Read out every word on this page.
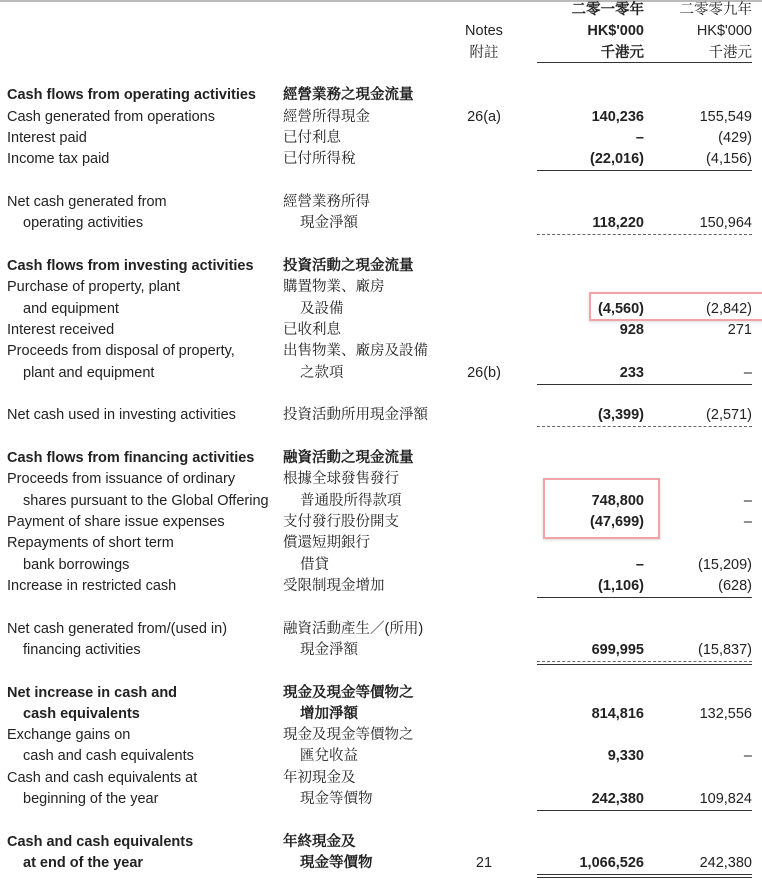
二零一零年	二零零九年
Notes	HK$'000	HK$'000
附註	千港元	千港元
Cash flows from operating activities 經營業務之現金流量
Cash generated from operations	經營所得現金	26(a)	140,236	155,549
Interest paid	已付利息	–	(429)
Income tax paid	已付所得稅	(22,016)	(4,156)
Net cash generated from	經營業務所得
operating activities	現金淨額	118,220	150,964
Cash flows from investing activities 投資活動之現金流量
Purchase of property, plant	購置物業、廠房
and equipment	及設備	(4,560)	(2,842)
Interest received	已收利息	928	271
Proceeds from disposal of property,	出售物業、廠房及設備
plant and equipment	之款項	26(b)	233	–
Net cash used in investing activities	投資活動所用現金淨額	(3,399)	(2,571)
Cash flows from financing activities 融資活動之現金流量
Proceeds from issuance of ordinary	根據全球發售發行
shares pursuant to the Global Offering 普通股所得款項	748,800	–
Payment of share issue expenses	支付發行股份開支	(47,699)	–
Repayments of short term	償還短期銀行
bank borrowings	借貸	–	(15,209)
Increase in restricted cash	受限制現金增加	(1,106)	(628)
Net cash generated from/(used in)	融資活動產生／(所用)
financing activities	現金淨額	699,995	(15,837)
Net increase in cash and	現金及現金等價物之
cash equivalents	增加淨額	814,816	132,556
Exchange gains on	現金及現金等價物之
cash and cash equivalents	匯兌收益	9,330	–
Cash and cash equivalents at	年初現金及
beginning of the year	現金等價物	242,380	109,824
Cash and cash equivalents	年終現金及
at end of the year	現金等價物	21	1,066,526	242,380
